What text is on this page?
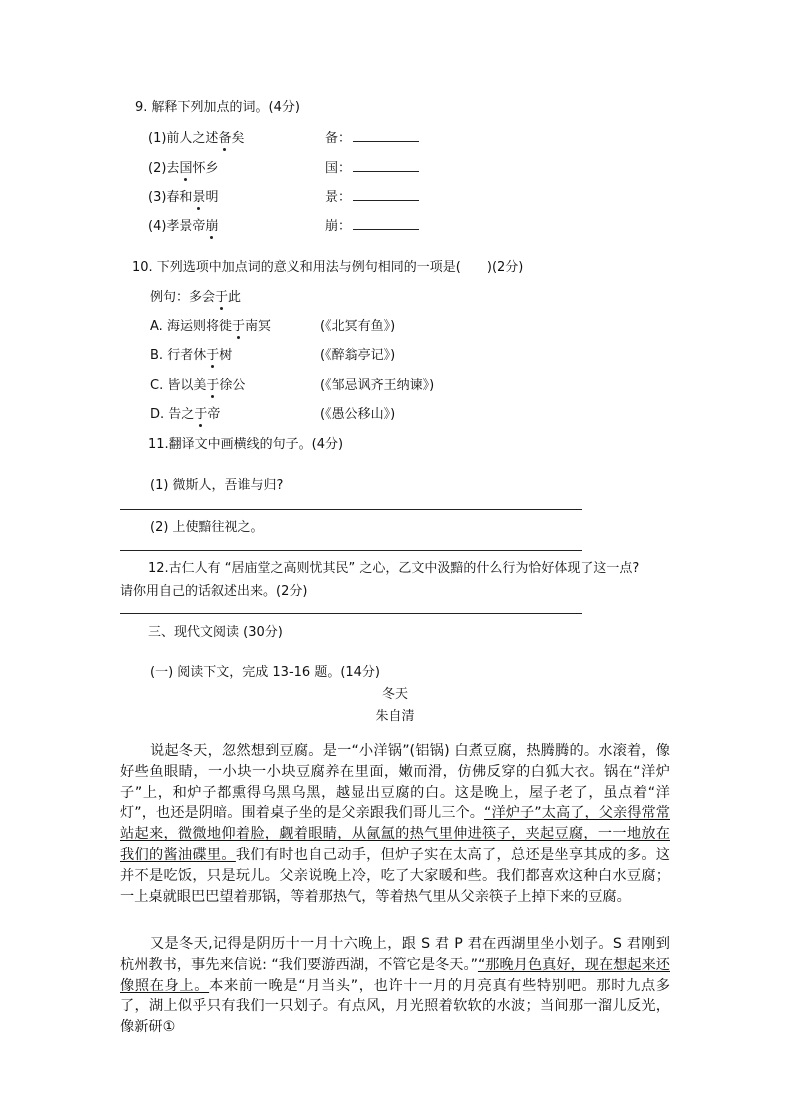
9. 解释下列加点的词。(4分)
(1)前人之述备矣	备：
(2)去国怀乡	国：
(3)春和景明	景：
(4)孝景帝崩	崩：
10. 下列选项中加点词的意义和用法与例句相同的一项是(　　)(2分)
例句：多会于此
A. 海运则将徙于南冥	(《北冥有鱼》)
B. 行者休于树	(《醉翁亭记》)
C. 皆以美于徐公	(《邹忌讽齐王纳谏》)
D. 告之于帝	(《愚公移山》)
11.翻译文中画横线的句子。(4分)
(1) 微斯人，吾谁与归?
(2) 上使黯往视之。
12.古仁人有 “居庙堂之高则忧其民” 之心，乙文中汲黯的什么行为恰好体现了这一点?
请你用自己的话叙述出来。(2分)
三、现代文阅读 (30分)
(一) 阅读下文，完成 13-16 题。(14分)
冬天
朱自清
说起冬天，忽然想到豆腐。是一“小洋锅”(铝锅) 白煮豆腐，热腾腾的。水滚着，像好些鱼眼睛，一小块一小块豆腐养在里面，嫩而滑，仿佛反穿的白狐大衣。锅在“洋炉子”上，和炉子都熏得乌黑乌黑，越显出豆腐的白。这是晚上，屋子老了，虽点着“洋灯”，也还是阴暗。围着桌子坐的是父亲跟我们哥儿三个。“洋炉子”太高了，父亲得常常站起来，微微地仰着脸，觑着眼睛，从氤氲的热气里伸进筷子，夹起豆腐，一一地放在我们的酱油碟里。我们有时也自己动手，但炉子实在太高了，总还是坐享其成的多。这并不是吃饭，只是玩儿。父亲说晚上冷，吃了大家暖和些。我们都喜欢这种白水豆腐；一上桌就眼巴巴望着那锅，等着那热气，等着热气里从父亲筷子上掉下来的豆腐。
又是冬天,记得是阴历十一月十六晚上，跟 S 君 P 君在西湖里坐小划子。S 君刚到杭州教书，事先来信说: “我们要游西湖，不管它是冬天。”“那晚月色真好，现在想起来还像照在身上。本来前一晚是“月当头”，也许十一月的月亮真有些特别吧。那时九点多了，湖上似乎只有我们一只划子。有点风，月光照着软软的水波；当间那一溜儿反光，像新研①
